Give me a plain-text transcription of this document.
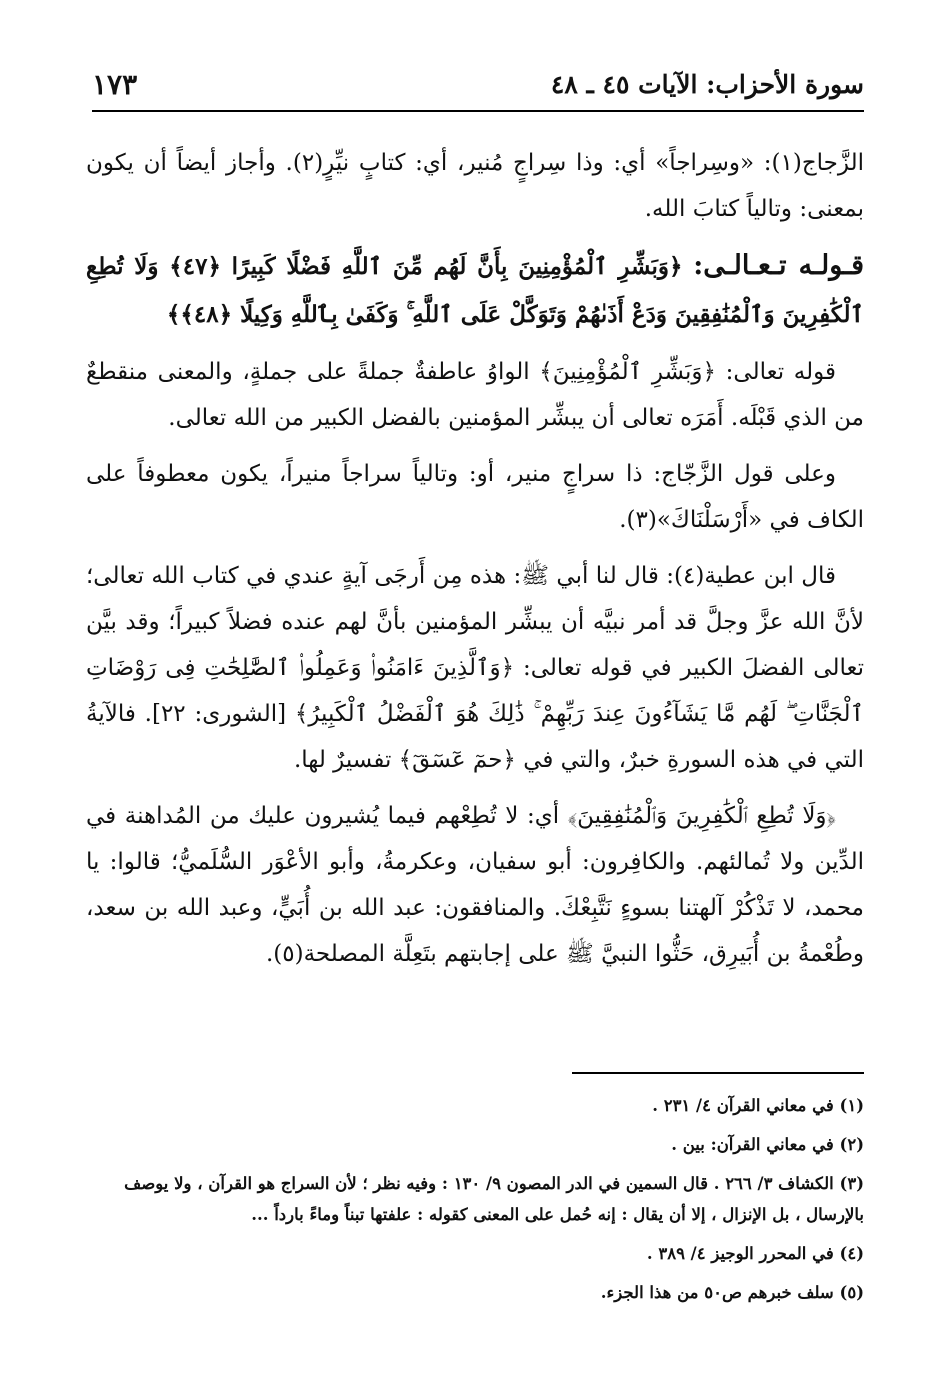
سورة الأحزاب: الآيات ٤٥ ـ ٤٨
١٧٣

الزَّجاج(١): «وسِراجاً» أي: وذا سِراجٍ مُنير، أي: كتابٍ نيِّرٍ(٢). وأجاز أيضاً أن يكون بمعنى: وتالياً كتابَ الله.

قـولـه تـعـالـى: ﴿وَبَشِّرِ ٱلْمُؤْمِنِينَ بِأَنَّ لَهُم مِّنَ ٱللَّهِ فَضْلًا كَبِيرًا ﴿٤٧﴾ وَلَا تُطِعِ ٱلْكَٰفِرِينَ وَٱلْمُنَٰفِقِينَ وَدَعْ أَذَىٰهُمْ وَتَوَكَّلْ عَلَى ٱللَّهِ ۚ وَكَفَىٰ بِٱللَّهِ وَكِيلًا ﴿٤٨﴾﴾

قوله تعالى: ﴿وَبَشِّرِ ٱلْمُؤْمِنِينَ﴾ الواوُ عاطفةٌ جملةً على جملةٍ، والمعنى منقطعٌ من الذي قَبْلَه. أَمَرَه تعالى أن يبشِّر المؤمنين بالفضل الكبير من الله تعالى.

وعلى قول الزَّجّاج: ذا سراجٍ منير، أو: وتالياً سراجاً منيراً، يكون معطوفاً على الكاف في «أَرْسَلْنَاكَ»(٣).

قال ابن عطية(٤): قال لنا أبي ﷺ: هذه مِن أَرجَى آيةٍ عندي في كتاب الله تعالى؛ لأنَّ الله عزَّ وجلَّ قد أمر نبيَّه أن يبشِّر المؤمنين بأنَّ لهم عنده فضلاً كبيراً؛ وقد بيَّن تعالى الفضلَ الكبير في قوله تعالى: ﴿وَٱلَّذِينَ ءَامَنُوا۟ وَعَمِلُوا۟ ٱلصَّٰلِحَٰتِ فِى رَوْضَاتِ ٱلْجَنَّاتِ ۖ لَهُم مَّا يَشَآءُونَ عِندَ رَبِّهِمْ ۚ ذَٰلِكَ هُوَ ٱلْفَضْلُ ٱلْكَبِيرُ﴾ [الشورى: ٢٢]. فالآيةُ التي في هذه السورةِ خبرٌ، والتي في ﴿حمٓ عٓسٓقٓ﴾ تفسيرٌ لها.

﴿وَلَا تُطِعِ ٱلْكَٰفِرِينَ وَٱلْمُنَٰفِقِينَ﴾ أي: لا تُطِعْهم فيما يُشيرون عليك من المُداهنة في الدِّين ولا تُمالئهم. والكافِرون: أبو سفيان، وعكرمةُ، وأبو الأعْوَر السُّلَميُّ؛ قالوا: يا محمد، لا تَذْكُرْ آلهتنا بسوءٍ نَتَّبِعْكَ. والمنافقون: عبد الله بن أُبَيٍّ، وعبد الله بن سعد، وطُعْمةُ بن أُبَيرِق، حَثُّوا النبيَّ ﷺ على إجابتهم بتَعِلَّة المصلحة(٥).

(١) في معاني القرآن ٤/ ٢٣١ .
(٢) في معاني القرآن: بين .
(٣) الكشاف ٣/ ٢٦٦ . قال السمين في الدر المصون ٩/ ١٣٠ : وفيه نظر ؛ لأن السراج هو القرآن ، ولا يوصف بالإرسال ، بل الإنزال ، إلا أن يقال : إنه حُمل على المعنى كقوله : علفتها تبناً وماءً بارداً ...
(٤) في المحرر الوجيز ٤/ ٣٨٩ .
(٥) سلف خبرهم ص٥٠ من هذا الجزء.
